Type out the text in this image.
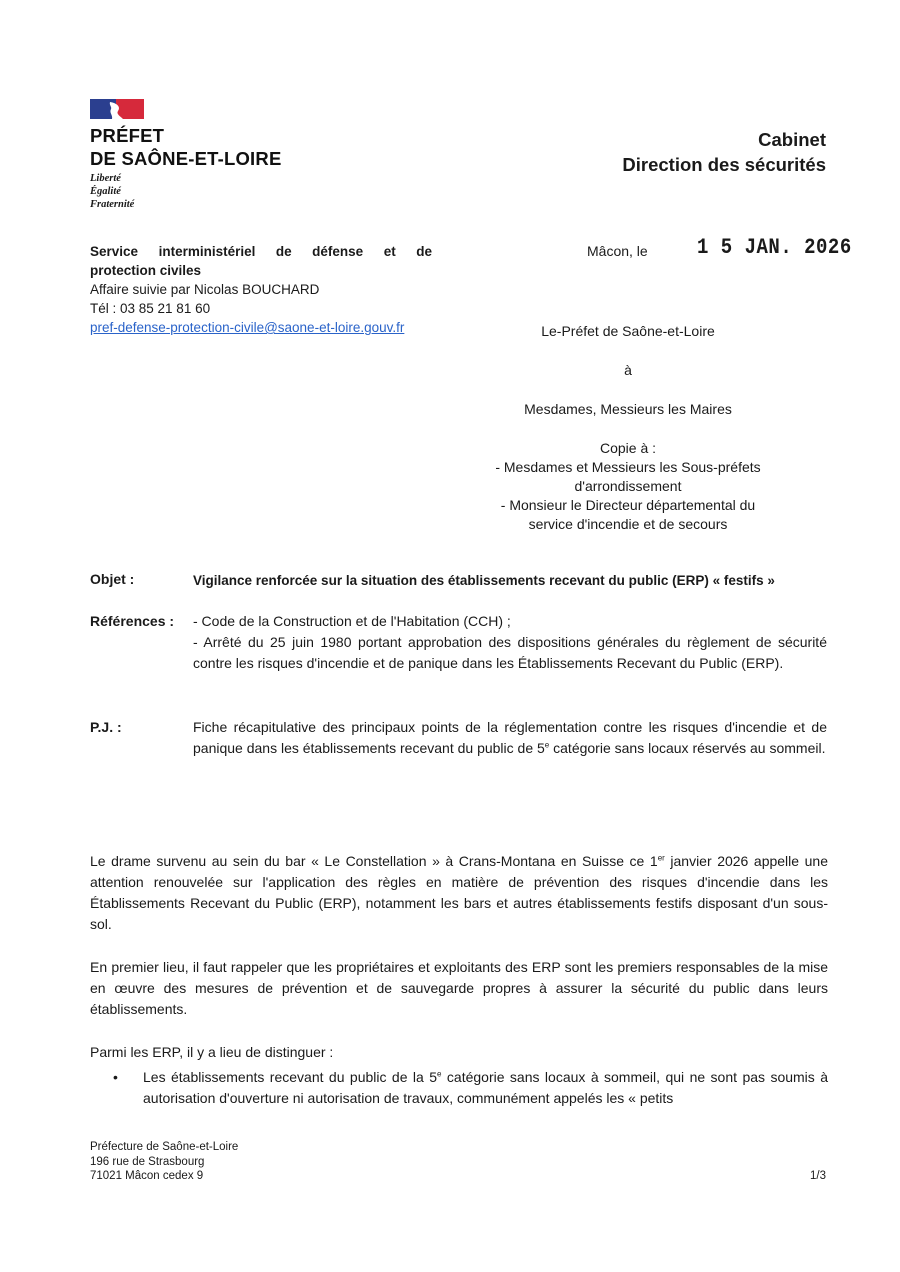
PRÉFET
DE SAÔNE-ET-LOIRE
Liberté
Égalité
Fraternité
Cabinet
Direction des sécurités
Service interministériel de défense et de
protection civiles
Affaire suivie par Nicolas BOUCHARD
Tél : 03 85 21 81 60
pref-defense-protection-civile@saone-et-loire.gouv.fr
Mâcon, le	1 5 JAN. 2026
Le-Préfet de Saône-et-Loire
à
Mesdames, Messieurs les Maires
Copie à :
- Mesdames et Messieurs les Sous-préfets
d'arrondissement
- Monsieur le Directeur départemental du
service d'incendie et de secours
Objet :	Vigilance renforcée sur la situation des établissements recevant du public (ERP) « festifs »
Références : - Code de la Construction et de l'Habitation (CCH) ;
- Arrêté du 25 juin 1980 portant approbation des dispositions générales du règlement de sécurité contre les risques d'incendie et de panique dans les Établissements Recevant du Public (ERP).
P.J. :	Fiche récapitulative des principaux points de la réglementation contre les risques d'incendie et de panique dans les établissements recevant du public de 5e catégorie sans locaux réservés au sommeil.

Le drame survenu au sein du bar « Le Constellation » à Crans-Montana en Suisse ce 1er janvier 2026 appelle une attention renouvelée sur l'application des règles en matière de prévention des risques d'incendie dans les Établissements Recevant du Public (ERP), notamment les bars et autres établissements festifs disposant d'un sous-sol.

En premier lieu, il faut rappeler que les propriétaires et exploitants des ERP sont les premiers responsables de la mise en œuvre des mesures de prévention et de sauvegarde propres à assurer la sécurité du public dans leurs établissements.

Parmi les ERP, il y a lieu de distinguer :

•	Les établissements recevant du public de la 5e catégorie sans locaux à sommeil, qui ne sont pas soumis à autorisation d'ouverture ni autorisation de travaux, communément appelés les « petits
Préfecture de Saône-et-Loire
196 rue de Strasbourg
71021 Mâcon cedex 9	1/3
